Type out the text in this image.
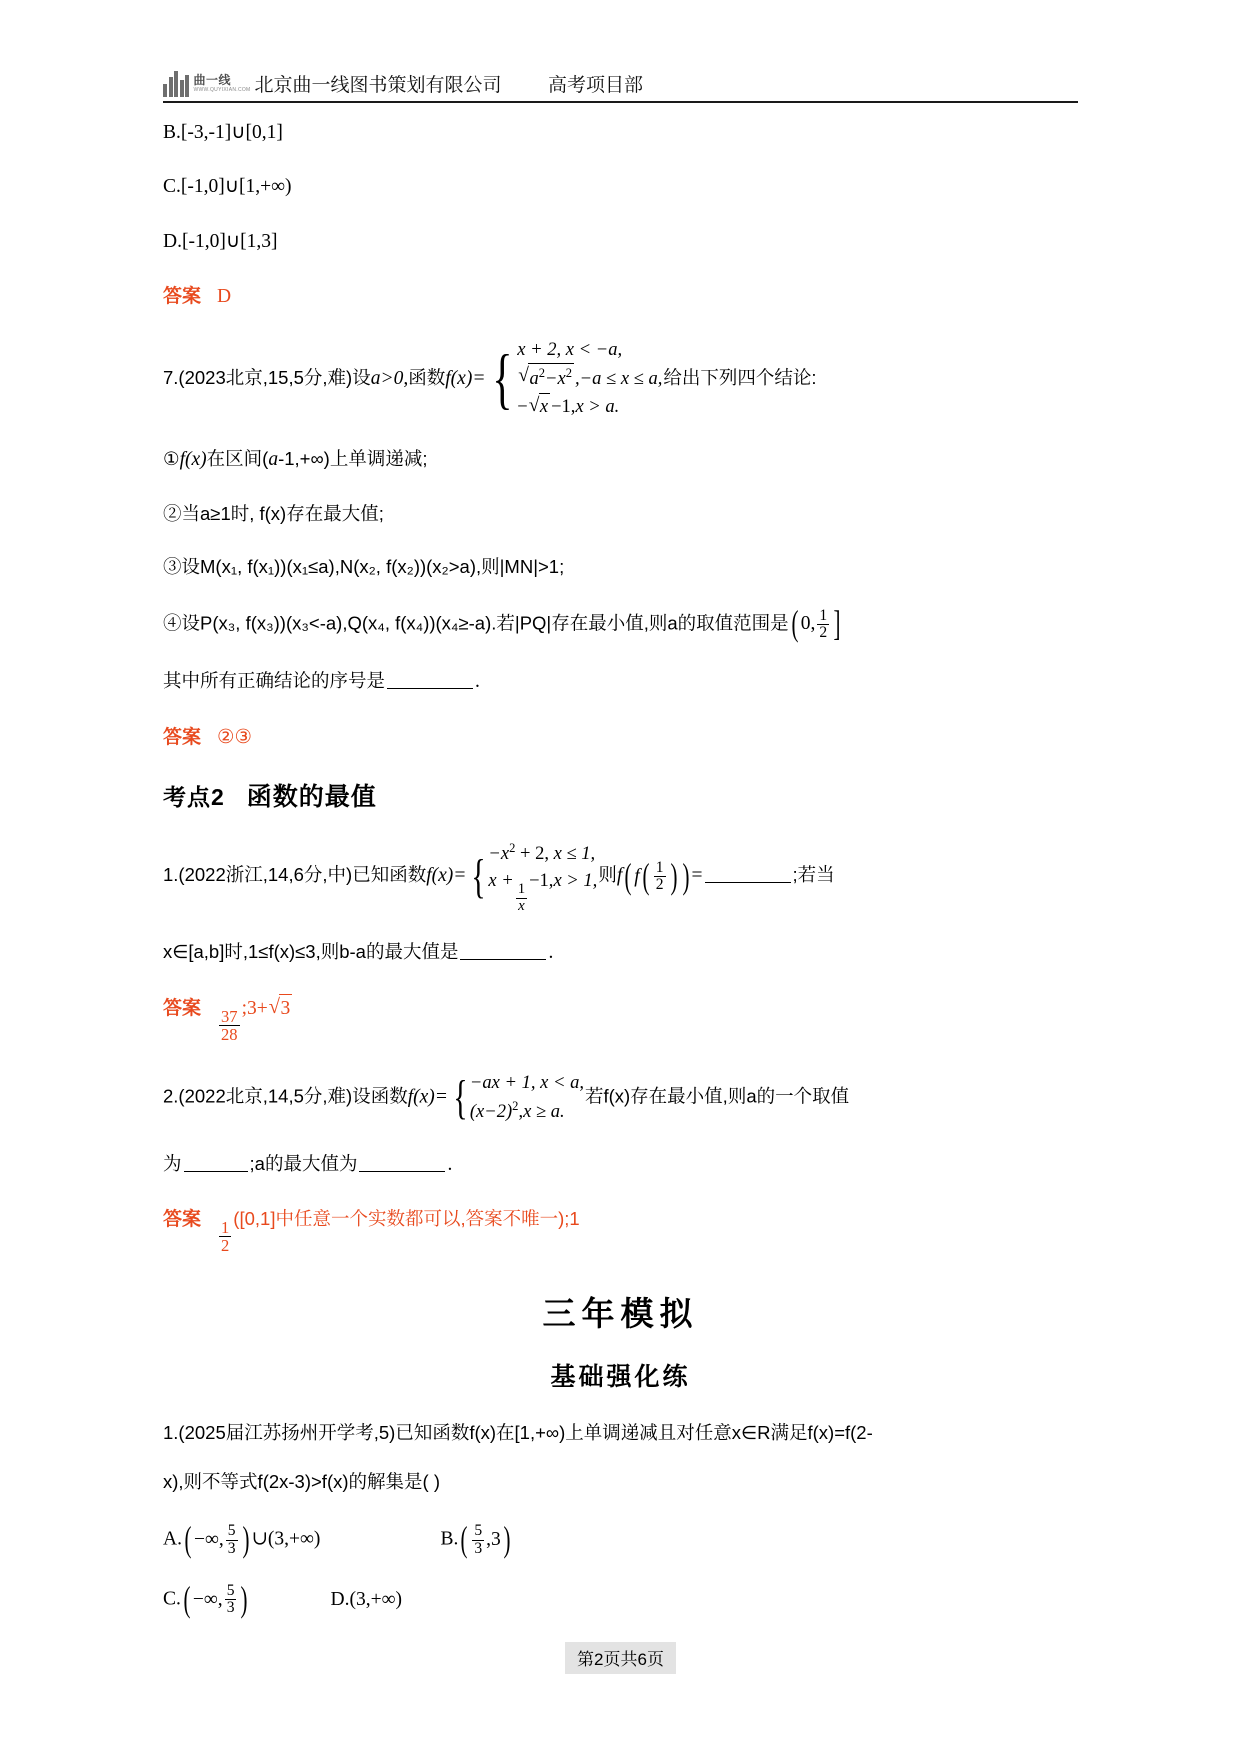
曲一线
WWW.QUYIXIAN.COM 北京曲一线图书策划有限公司 高考项目部
B.[-3,-1]∪[0,1]
C.[-1,0]∪[1,+∞)
D.[-1,0]∪[1,3]
答案 D
7.(2023北京,15,5分,难)设a>0,函数f(x)= { x + 2, x < −a,
√ $a^2-x^2$ ,−a ≤ x ≤ a,
− √ x −1,x > a.
给出下列四个结论:
①f(x)在区间(a-1,+∞)上单调递减;
②当a≥1时, f(x)存在最大值;
③设M(x₁, f(x₁))(x₁≤a),N(x₂, f(x₂))(x₂>a),则|MN|>1;
④设P(x₃, f(x₃))(x₃<-a),Q(x₄, f(x₄))(x₄≥-a).若|PQ|存在最小值,则a的取值范围是 ( 0, $\frac{1}{2}$ ]
其中所有正确结论的序号是	.
答案 ②③
考点2 函数的最值
1.(2022浙江,14,6分,中)已知函数f(x)= { $-x^2 + 2$, x ≤ 1,
x +
$\frac{1}{x}$
−1,x > 1, 则f ( f ( $\frac{1}{2}$ ) ) =	;若当
x∈[a,b]时,1≤f(x)≤3,则b-a的最大值是	.
答案 $\frac{37}{28}$ ;3+ √ 3
2.(2022北京,14,5分,难)设函数f(x)= { −ax + 1, x < a,
$(x-2)^2,x \ge a$.
若f(x)存在最小值,则a的一个取值
为	;a的最大值为	.
答案 $\frac{1}{2}$
([0,1]中任意一个实数都可以,答案不唯一);1
三年模拟
基础强化练
1.(2025届江苏扬州开学考,5)已知函数f(x)在[1,+∞)上单调递减且对任意x∈R满足f(x)=f(2-
x),则不等式f(2x-3)>f(x)的解集是( )
A. ( −∞, $\frac{5}{3}$ ) ∪(3,+∞)	B. ( $\frac{5}{3} ,3$ )
C. ( −∞, $\frac{5}{3}$ )	D.(3,+∞)
第2页共6页
